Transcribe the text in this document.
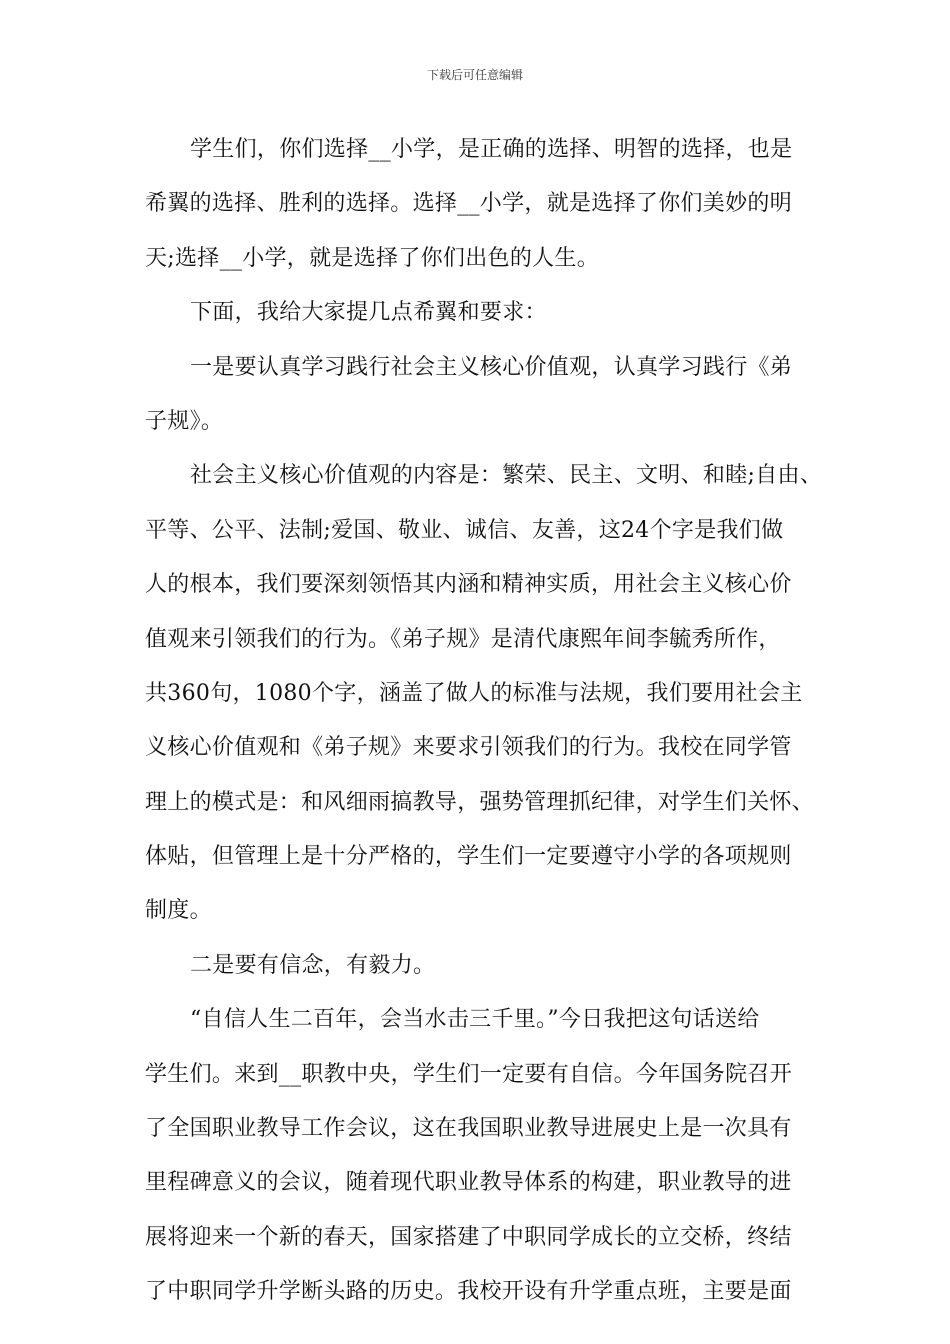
下载后可任意编辑
学生们，你们选择__小学，是正确的选择、明智的选择，也是
希翼的选择、胜利的选择。选择__小学，就是选择了你们美妙的明
天;选择__小学，就是选择了你们出色的人生。
下面，我给大家提几点希翼和要求：
一是要认真学习践行社会主义核心价值观，认真学习践行《弟
子规》。
社会主义核心价值观的内容是：繁荣、民主、文明、和睦;自由、
平等、公平、法制;爱国、敬业、诚信、友善，这24个字是我们做
人的根本，我们要深刻领悟其内涵和精神实质，用社会主义核心价
值观来引领我们的行为。《弟子规》是清代康熙年间李毓秀所作，
共360句，1080个字，涵盖了做人的标准与法规，我们要用社会主
义核心价值观和《弟子规》来要求引领我们的行为。我校在同学管
理上的模式是：和风细雨搞教导，强势管理抓纪律，对学生们关怀、
体贴，但管理上是十分严格的，学生们一定要遵守小学的各项规则
制度。
二是要有信念，有毅力。
“自信人生二百年，会当水击三千里。”今日我把这句话送给
学生们。来到__职教中央，学生们一定要有自信。今年国务院召开
了全国职业教导工作会议，这在我国职业教导进展史上是一次具有
里程碑意义的会议，随着现代职业教导体系的构建，职业教导的进
展将迎来一个新的春天，国家搭建了中职同学成长的立交桥，终结
了中职同学升学断头路的历史。我校开设有升学重点班，主要是面
